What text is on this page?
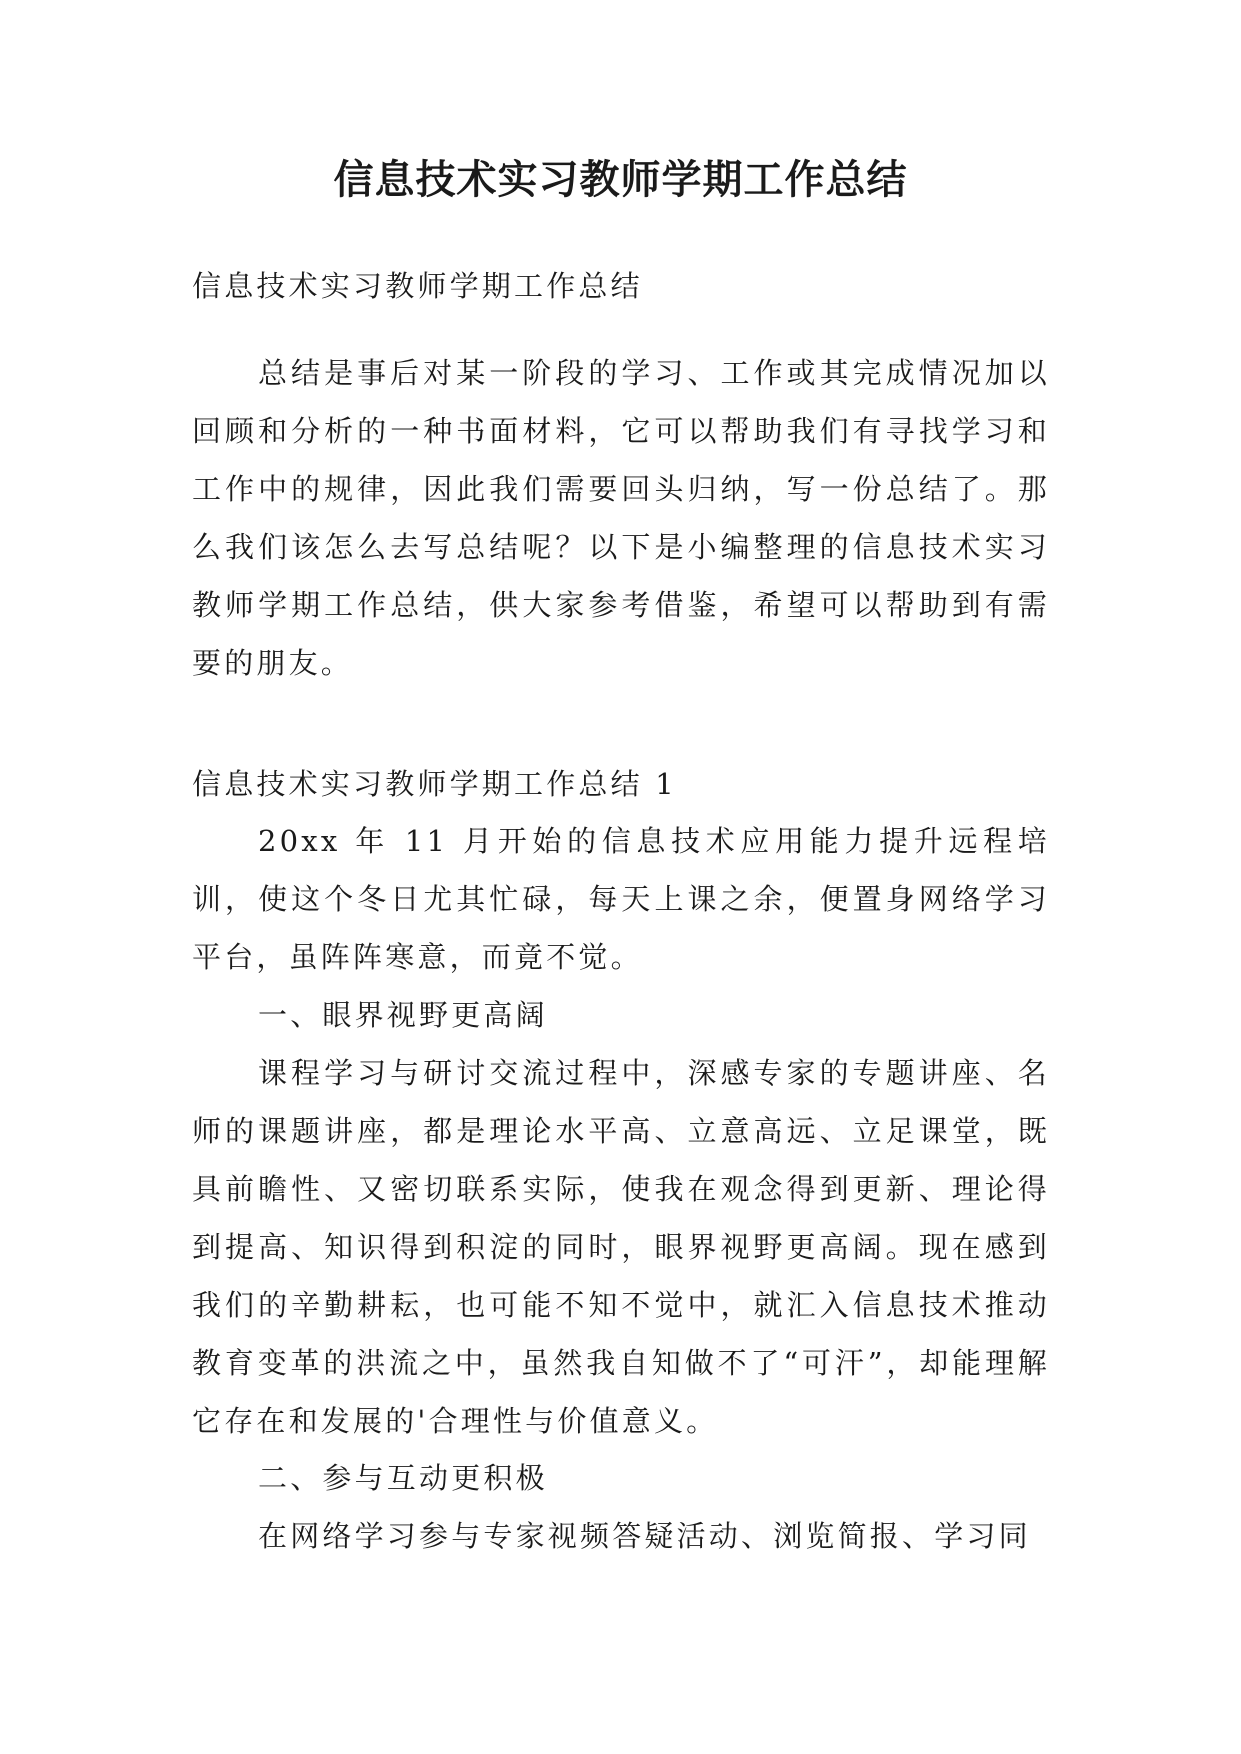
信息技术实习教师学期工作总结

信息技术实习教师学期工作总结

总结是事后对某一阶段的学习、工作或其完成情况加以回顾和分析的一种书面材料，它可以帮助我们有寻找学习和工作中的规律，因此我们需要回头归纳，写一份总结了。那么我们该怎么去写总结呢？以下是小编整理的信息技术实习教师学期工作总结，供大家参考借鉴，希望可以帮助到有需要的朋友。

信息技术实习教师学期工作总结 1

20xx 年 11 月开始的信息技术应用能力提升远程培训，使这个冬日尤其忙碌，每天上课之余，便置身网络学习平台，虽阵阵寒意，而竟不觉。

一、眼界视野更高阔

课程学习与研讨交流过程中，深感专家的专题讲座、名师的课题讲座，都是理论水平高、立意高远、立足课堂，既具前瞻性、又密切联系实际，使我在观念得到更新、理论得到提高、知识得到积淀的同时，眼界视野更高阔。现在感到我们的辛勤耕耘，也可能不知不觉中，就汇入信息技术推动教育变革的洪流之中，虽然我自知做不了“可汗”，却能理解它存在和发展的'合理性与价值意义。

二、参与互动更积极

在网络学习参与专家视频答疑活动、浏览简报、学习同
